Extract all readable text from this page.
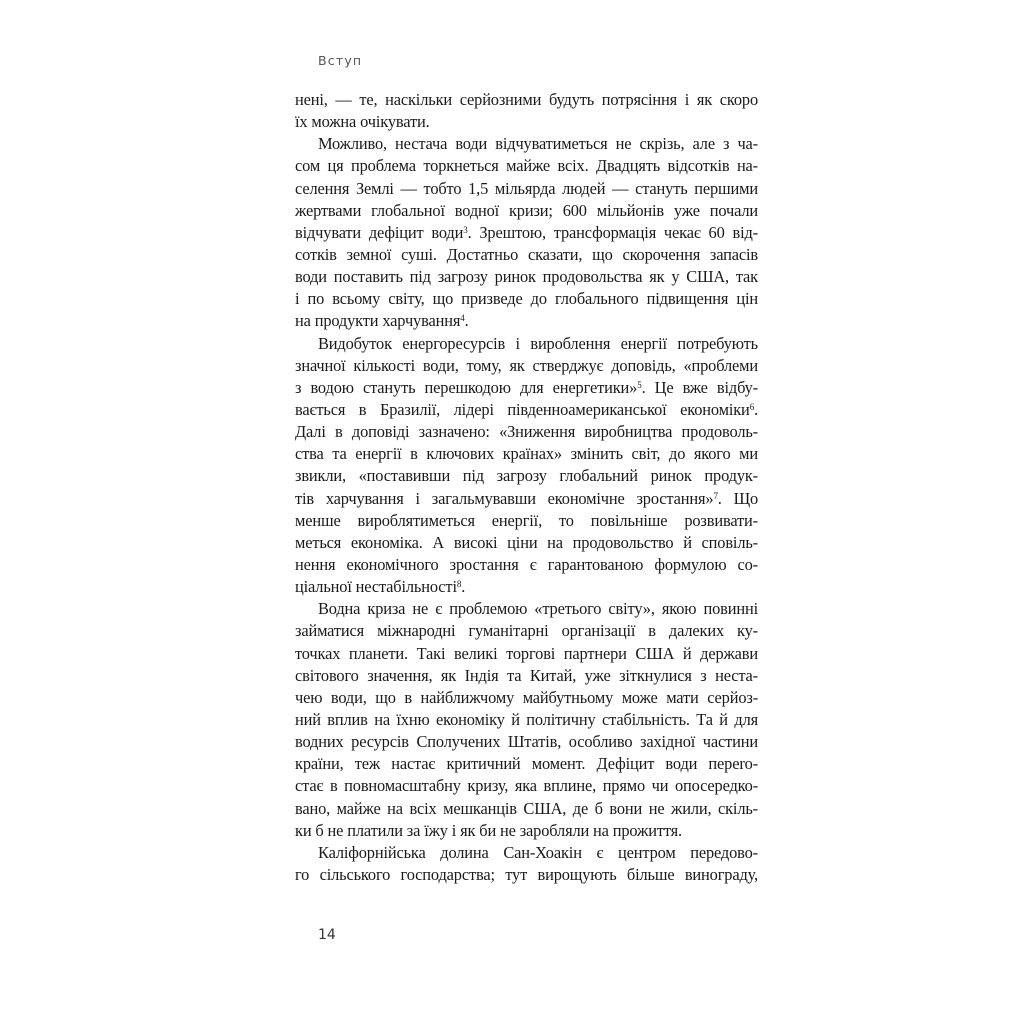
Вступ
нені, — те, наскільки серйозними будуть потрясіння і як скоро
їх можна очікувати.
Можливо, нестача води відчуватиметься не скрізь, але з ча-
сом ця проблема торкнеться майже всіх. Двадцять відсотків на-
селення Землі — тобто 1,5 мільярда людей — стануть першими
жертвами глобальної водної кризи; 600 мільйонів уже почали
відчувати дефіцит води$^3$. Зрештою, трансформація чекає 60 від-
сотків земної суші. Достатньо сказати, що скорочення запасів
води поставить під загрозу ринок продовольства як у США, так
і по всьому світу, що призведе до глобального підвищення цін
на продукти харчування$^4$.
Видобуток енергоресурсів і вироблення енергії потребують
значної кількості води, тому, як стверджує доповідь, «проблеми
з водою стануть перешкодою для енергетики»$^5$. Це вже відбу-
вається в Бразилії, лідері південноамериканської економіки$^6$.
Далі в доповіді зазначено: «Зниження виробництва продоволь-
ства та енергії в ключових країнах» змінить світ, до якого ми
звикли, «поставивши під загрозу глобальний ринок продук-
тів харчування і загальмувавши економічне зростання»$^7$. Що
менше вироблятиметься енергії, то повільніше розвивати-
меться економіка. А високі ціни на продовольство й сповіль-
нення економічного зростання є гарантованою формулою со-
ціальної нестабільності$^8$.
Водна криза не є проблемою «третього світу», якою повинні
займатися міжнародні гуманітарні організації в далеких ку-
точках планети. Такі великі торгові партнери США й держави
світового значення, як Індія та Китай, уже зіткнулися з неста-
чею води, що в найближчому майбутньому може мати серйоз-
ний вплив на їхню економіку й політичну стабільність. Та й для
водних ресурсів Сполучених Штатів, особливо західної частини
країни, теж настає критичний момент. Дефіцит води перero-
стає в повномасштабну кризу, яка вплине, прямо чи опосередко-
вано, майже на всіх мешканців США, де б вони не жили, скіль-
ки б не платили за їжу і як би не заробляли на прожиття.
Каліфорнійська долина Сан-Хоакін є центром передово-
го сільського господарства; тут вирощують більше винограду,
14
